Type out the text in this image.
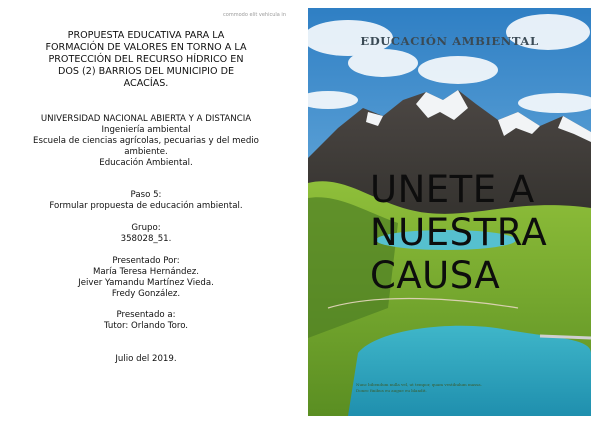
commodo elit vehicula in
PROPUESTA EDUCATIVA PARA LA
FORMACIÓN DE VALORES EN TORNO A LA
PROTECCIÓN DEL RECURSO HÍDRICO EN
DOS (2) BARRIOS DEL MUNICIPIO DE
ACACÍAS.
UNIVERSIDAD NACIONAL ABIERTA Y A DISTANCIA
Ingeniería ambiental
Escuela de ciencias agrícolas, pecuarias y del medio
ambiente.
Educación Ambiental.
Paso 5:
Formular propuesta de educación ambiental.
Grupo:
358028_51.
Presentado Por:
María Teresa Hernández.
Jeiver Yamandu Martínez Vieda.
Fredy González.
Presentado a:
Tutor: Orlando Toro.
Julio del 2019.
EDUCACIÓN AMBIENTAL
UNETE A
NUESTRA
CAUSA
Nunc bibendum nulla vel, ut tempor, quam vestibulum massa.
Donec finibus eu augue eu blandit.
